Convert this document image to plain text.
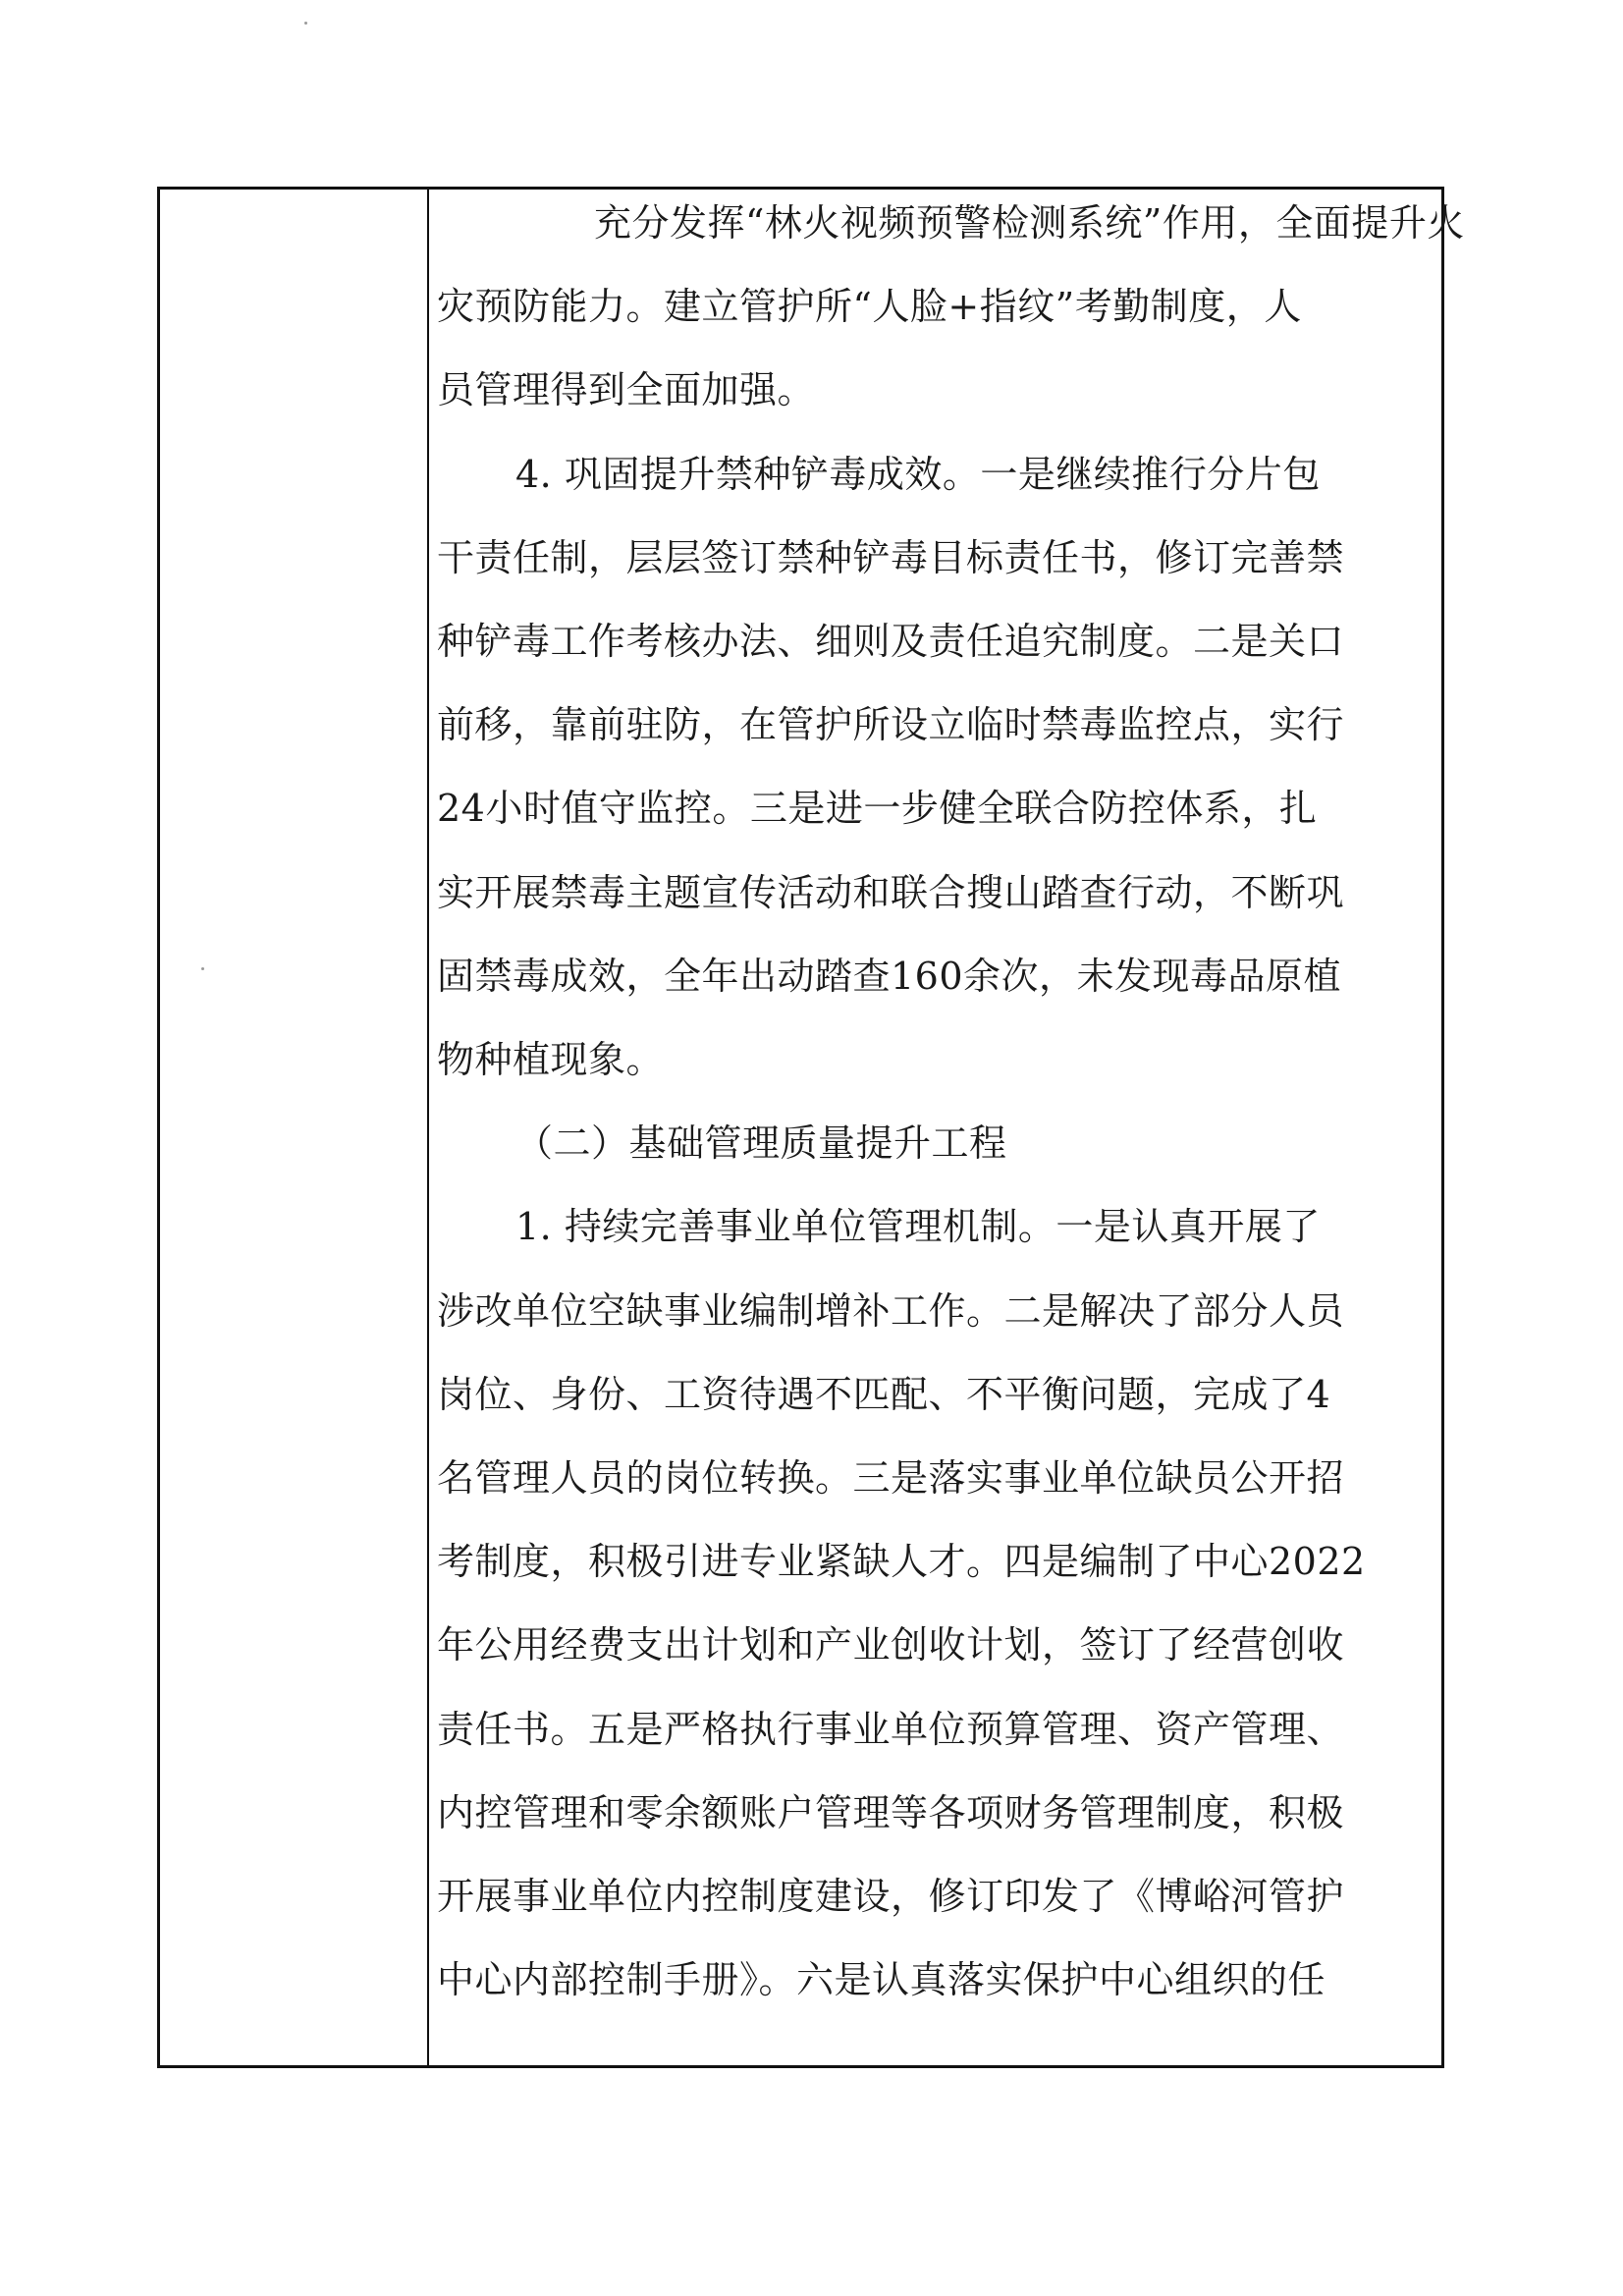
充分发挥“林火视频预警检测系统”作用，全面提升火
灾预防能力。建立管护所“人脸+指纹”考勤制度，人
员管理得到全面加强。
4. 巩固提升禁种铲毒成效。一是继续推行分片包
干责任制，层层签订禁种铲毒目标责任书，修订完善禁
种铲毒工作考核办法、细则及责任追究制度。二是关口
前移，靠前驻防，在管护所设立临时禁毒监控点，实行
24小时值守监控。三是进一步健全联合防控体系，扎
实开展禁毒主题宣传活动和联合搜山踏查行动，不断巩
固禁毒成效，全年出动踏查160余次，未发现毒品原植
物种植现象。
（二）基础管理质量提升工程
1. 持续完善事业单位管理机制。一是认真开展了
涉改单位空缺事业编制增补工作。二是解决了部分人员
岗位、身份、工资待遇不匹配、不平衡问题，完成了4
名管理人员的岗位转换。三是落实事业单位缺员公开招
考制度，积极引进专业紧缺人才。四是编制了中心2022
年公用经费支出计划和产业创收计划，签订了经营创收
责任书。五是严格执行事业单位预算管理、资产管理、
内控管理和零余额账户管理等各项财务管理制度，积极
开展事业单位内控制度建设，修订印发了《博峪河管护
中心内部控制手册》。六是认真落实保护中心组织的任
